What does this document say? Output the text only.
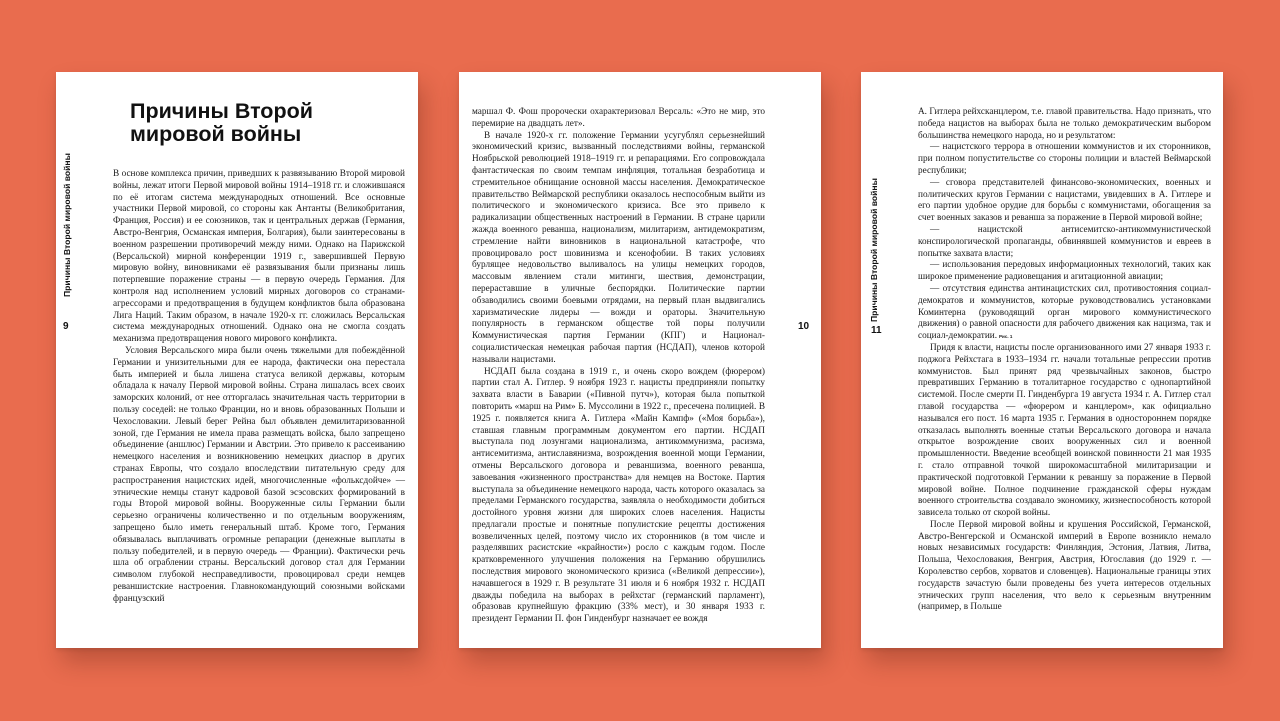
Причины Второй мировой войны
9
Причины Второй мировой войны

В основе комплекса причин, приведших к развязыванию Второй мировой войны, лежат итоги Первой мировой войны 1914–1918 гг. и сложившаяся по её итогам система международных отношений. Все основные участники Первой мировой, со стороны как Антанты (Великобритания, Франция, Россия) и ее союзников, так и центральных держав (Германия, Австро-Венгрия, Османская империя, Болгария), были заинтересованы в военном разрешении противоречий между ними. Однако на Парижской (Версальской) мирной конференции 1919 г., завершившей Первую мировую войну, виновниками её развязывания были признаны лишь потерпевшие поражение страны — в первую очередь Германия. Для контроля над исполнением условий мирных договоров со странами-агрессорами и предотвращения в будущем конфликтов была образована Лига Наций. Таким образом, в начале 1920-х гг. сложилась Версальская система международных отношений. Однако она не смогла создать механизма предотвращения нового мирового конфликта.

Условия Версальского мира были очень тяжелыми для побеждённой Германии и унизительными для ее народа, фактически она перестала быть империей и была лишена статуса великой державы, которым обладала к началу Первой мировой войны. Страна лишалась всех своих заморских колоний, от нее отторгалась значительная часть территории в пользу соседей: не только Франции, но и вновь образованных Польши и Чехословакии. Левый берег Рейна был объявлен демилитаризованной зоной, где Германия не имела права размещать войска, было запрещено объединение (аншлюс) Германии и Австрии. Это привело к рассеиванию немецкого населения и возникновению немецких диаспор в других странах Европы, что создало впоследствии питательную среду для распространения нацистских идей, многочисленные «фольксдойче» — этнические немцы станут кадровой базой эсэсовских формирований в годы Второй мировой войны. Вооруженные силы Германии были серьезно ограничены количественно и по отдельным вооружениям, запрещено было иметь генеральный штаб. Кроме того, Германия обязывалась выплачивать огромные репарации (денежные выплаты в пользу победителей, и в первую очередь — Франции). Фактически речь шла об ограблении страны. Версальский договор стал для Германии символом глубокой несправедливости, провоцировал среди немцев реваншистские настроения. Главнокомандующий союзными войсками французский

10

маршал Ф. Фош пророчески охарактеризовал Версаль: «Это не мир, это перемирие на двадцать лет».

В начале 1920-х гг. положение Германии усугублял серьезнейший экономический кризис, вызванный последствиями войны, германской Ноябрьской революцией 1918–1919 гг. и репарациями. Его сопровождала фантастическая по своим темпам инфляция, тотальная безработица и стремительное обнищание основной массы населения. Демократическое правительство Веймарской республики оказалось неспособным выйти из политического и экономического кризиса. Все это привело к радикализации общественных настроений в Германии. В стране царили жажда военного реванша, национализм, милитаризм, антидемократизм, стремление найти виновников в национальной катастрофе, что провоцировало рост шовинизма и ксенофобии. В таких условиях бурлящее недовольство выливалось на улицы немецких городов, массовым явлением стали митинги, шествия, демонстрации, перераставшие в уличные беспорядки. Политические партии обзаводились своими боевыми отрядами, на первый план выдвигались харизматические лидеры — вожди и ораторы. Значительную популярность в германском обществе той поры получили Коммунистическая партия Германии (КПГ) и Национал-социалистическая немецкая рабочая партия (НСДАП), членов которой называли нацистами.

НСДАП была создана в 1919 г., и очень скоро вождем (фюрером) партии стал А. Гитлер. 9 ноября 1923 г. нацисты предприняли попытку захвата власти в Баварии («Пивной путч»), которая была попыткой повторить «марш на Рим» Б. Муссолини в 1922 г., пресечена полицией. В 1925 г. появляется книга А. Гитлера «Майн Кампф» («Моя борьба»), ставшая главным программным документом его партии. НСДАП выступала под лозунгами национализма, антикоммунизма, расизма, антисемитизма, антиславянизма, возрождения военной мощи Германии, отмены Версальского договора и реваншизма, военного реванша, завоевания «жизненного пространства» для немцев на Востоке. Партия выступала за объединение немецкого народа, часть которого оказалась за пределами Германского государства, заявляла о необходимости добиться достойного уровня жизни для широких слоев населения. Нацисты предлагали простые и понятные популистские рецепты достижения возвеличенных целей, поэтому число их сторонников (в том числе и разделявших расистские «крайности») росло с каждым годом. После кратковременного улучшения положения на Германию обрушились последствия мирового экономического кризиса («Великой депрессии»), начавшегося в 1929 г. В результате 31 июля и 6 ноября 1932 г. НСДАП дважды победила на выборах в рейхстаг (германский парламент), образовав крупнейшую фракцию (33% мест), и 30 января 1933 г. президент Германии П. фон Гинденбург назначает ее вождя

Причины Второй мировой войны
11

А. Гитлера рейхсканцлером, т.е. главой правительства. Надо признать, что победа нацистов на выборах была не только демократическим выбором большинства немецкого народа, но и результатом:

— нацистского террора в отношении коммунистов и их сторонников, при полном попустительстве со стороны полиции и властей Веймарской республики;

— сговора представителей финансово-экономических, военных и политических кругов Германии с нацистами, увидевших в А. Гитлере и его партии удобное орудие для борьбы с коммунистами, обогащения за счет военных заказов и реванша за поражение в Первой мировой войне;

— нацистской антисемитско-антикоммунистической конспирологической пропаганды, обвинявшей коммунистов и евреев в попытке захвата власти;

— использования передовых информационных технологий, таких как широкое применение радиовещания и агитационной авиации;

— отсутствия единства антинацистских сил, противостояния социал-демократов и коммунистов, которые руководствовались установками Коминтерна (руководящий орган мирового коммунистического движения) о равной опасности для рабочего движения как нацизма, так и социал-демократии. Рис. 1

Придя к власти, нацисты после организованного ими 27 января 1933 г. поджога Рейхстага в 1933–1934 гг. начали тотальные репрессии против коммунистов. Был принят ряд чрезвычайных законов, быстро превративших Германию в тоталитарное государство с однопартийной системой. После смерти П. Гинденбурга 19 августа 1934 г. А. Гитлер стал главой государства — «фюрером и канцлером», как официально назывался его пост. 16 марта 1935 г. Германия в одностороннем порядке отказалась выполнять военные статьи Версальского договора и начала открытое возрождение своих вооруженных сил и военной промышленности. Введение всеобщей воинской повинности 21 мая 1935 г. стало отправной точкой широкомасштабной милитаризации и практической подготовкой Германии к реваншу за поражение в Первой мировой войне. Полное подчинение гражданской сферы нуждам военного строительства создавало экономику, жизнеспособность которой зависела только от скорой войны.

После Первой мировой войны и крушения Российской, Германской, Австро-Венгерской и Османской империй в Европе возникло немало новых независимых государств: Финляндия, Эстония, Латвия, Литва, Польша, Чехословакия, Венгрия, Австрия, Югославия (до 1929 г. — Королевство сербов, хорватов и словенцев). Национальные границы этих государств зачастую были проведены без учета интересов отдельных этнических групп населения, что вело к серьезным внутренним (например, в Польше
